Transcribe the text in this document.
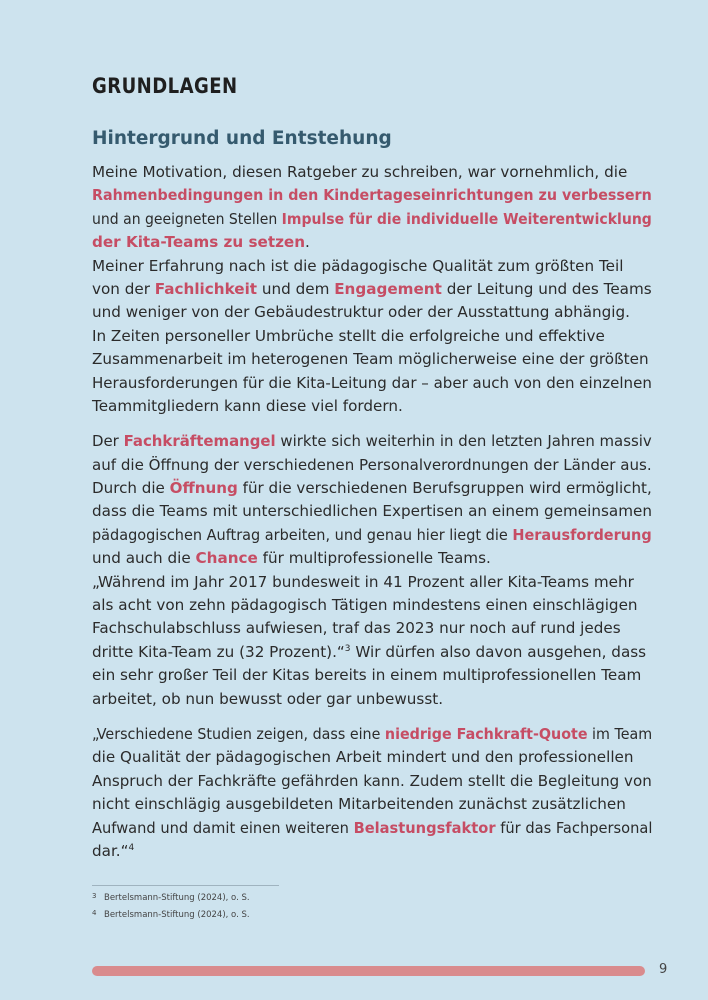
GRUNDLAGEN
Hintergrund und Entstehung
Meine Motivation, diesen Ratgeber zu schreiben, war vornehmlich, die
Rahmenbedingungen in den Kindertageseinrichtungen zu verbessern
und an geeigneten Stellen Impulse für die individuelle Weiterentwicklung
der Kita-Teams zu setzen.
Meiner Erfahrung nach ist die pädagogische Qualität zum größten Teil
von der Fachlichkeit und dem Engagement der Leitung und des Teams
und weniger von der Gebäudestruktur oder der Ausstattung abhängig.
In Zeiten personeller Umbrüche stellt die erfolgreiche und effektive
Zusammenarbeit im heterogenen Team möglicherweise eine der größten
Herausforderungen für die Kita-Leitung dar – aber auch von den einzelnen
Teammitgliedern kann diese viel fordern.
Der Fachkräftemangel wirkte sich weiterhin in den letzten Jahren massiv
auf die Öffnung der verschiedenen Personalverordnungen der Länder aus.
Durch die Öffnung für die verschiedenen Berufsgruppen wird ermöglicht,
dass die Teams mit unterschiedlichen Expertisen an einem gemeinsamen
pädagogischen Auftrag arbeiten, und genau hier liegt die Herausforderung
und auch die Chance für multiprofessionelle Teams.
„Während im Jahr 2017 bundesweit in 41 Prozent aller Kita-Teams mehr
als acht von zehn pädagogisch Tätigen mindestens einen einschlägigen
Fachschulabschluss aufwiesen, traf das 2023 nur noch auf rund jedes
dritte Kita-Team zu (32 Prozent).“$^3$ Wir dürfen also davon ausgehen, dass
ein sehr großer Teil der Kitas bereits in einem multiprofessionellen Team
arbeitet, ob nun bewusst oder gar unbewusst.
„Verschiedene Studien zeigen, dass eine niedrige Fachkraft-Quote im Team
die Qualität der pädagogischen Arbeit mindert und den professionellen
Anspruch der Fachkräfte gefährden kann. Zudem stellt die Begleitung von
nicht einschlägig ausgebildeten Mitarbeitenden zunächst zusätzlichen
Aufwand und damit einen weiteren Belastungsfaktor für das Fachpersonal
dar.“$^4$
3 Bertelsmann-Stiftung (2024), o. S.
4 Bertelsmann-Stiftung (2024), o. S.
9
